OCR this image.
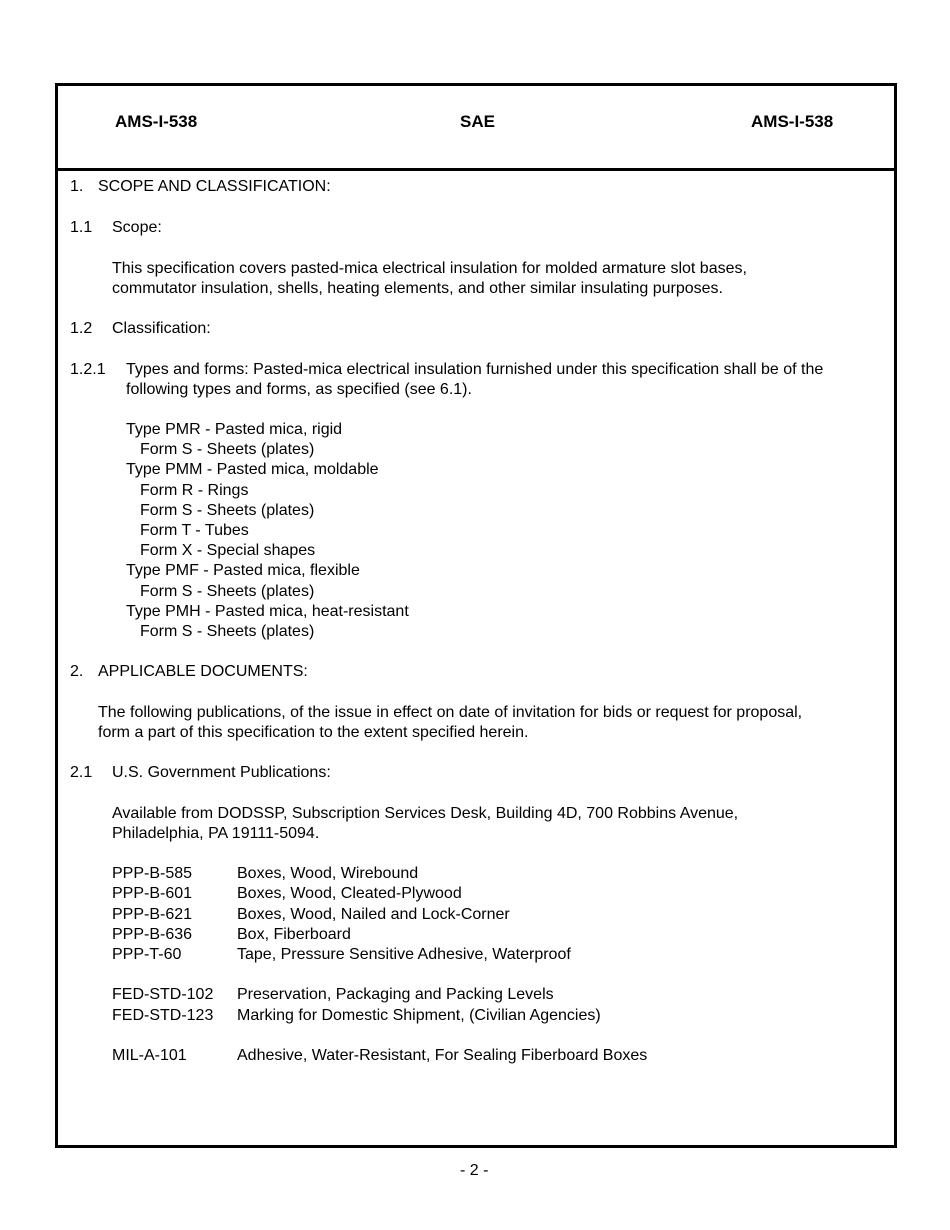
AMS-I-538	SAE	AMS-I-538
1. SCOPE AND CLASSIFICATION:
1.1 Scope:
This specification covers pasted-mica electrical insulation for molded armature slot bases,
commutator insulation, shells, heating elements, and other similar insulating purposes.
1.2 Classification:
1.2.1 Types and forms: Pasted-mica electrical insulation furnished under this specification shall be of the
following types and forms, as specified (see 6.1).
Type PMR - Pasted mica, rigid
Form S - Sheets (plates)
Type PMM - Pasted mica, moldable
Form R - Rings
Form S - Sheets (plates)
Form T - Tubes
Form X - Special shapes
Type PMF - Pasted mica, flexible
Form S - Sheets (plates)
Type PMH - Pasted mica, heat-resistant
Form S - Sheets (plates)
2. APPLICABLE DOCUMENTS:
The following publications, of the issue in effect on date of invitation for bids or request for proposal,
form a part of this specification to the extent specified herein.
2.1 U.S. Government Publications:
Available from DODSSP, Subscription Services Desk, Building 4D, 700 Robbins Avenue,
Philadelphia, PA 19111-5094.
PPP-B-585	Boxes, Wood, Wirebound
PPP-B-601	Boxes, Wood, Cleated-Plywood
PPP-B-621	Boxes, Wood, Nailed and Lock-Corner
PPP-B-636	Box, Fiberboard
PPP-T-60	Tape, Pressure Sensitive Adhesive, Waterproof
FED-STD-102 Preservation, Packaging and Packing Levels
FED-STD-123 Marking for Domestic Shipment, (Civilian Agencies)
MIL-A-101	Adhesive, Water-Resistant, For Sealing Fiberboard Boxes
- 2 -
